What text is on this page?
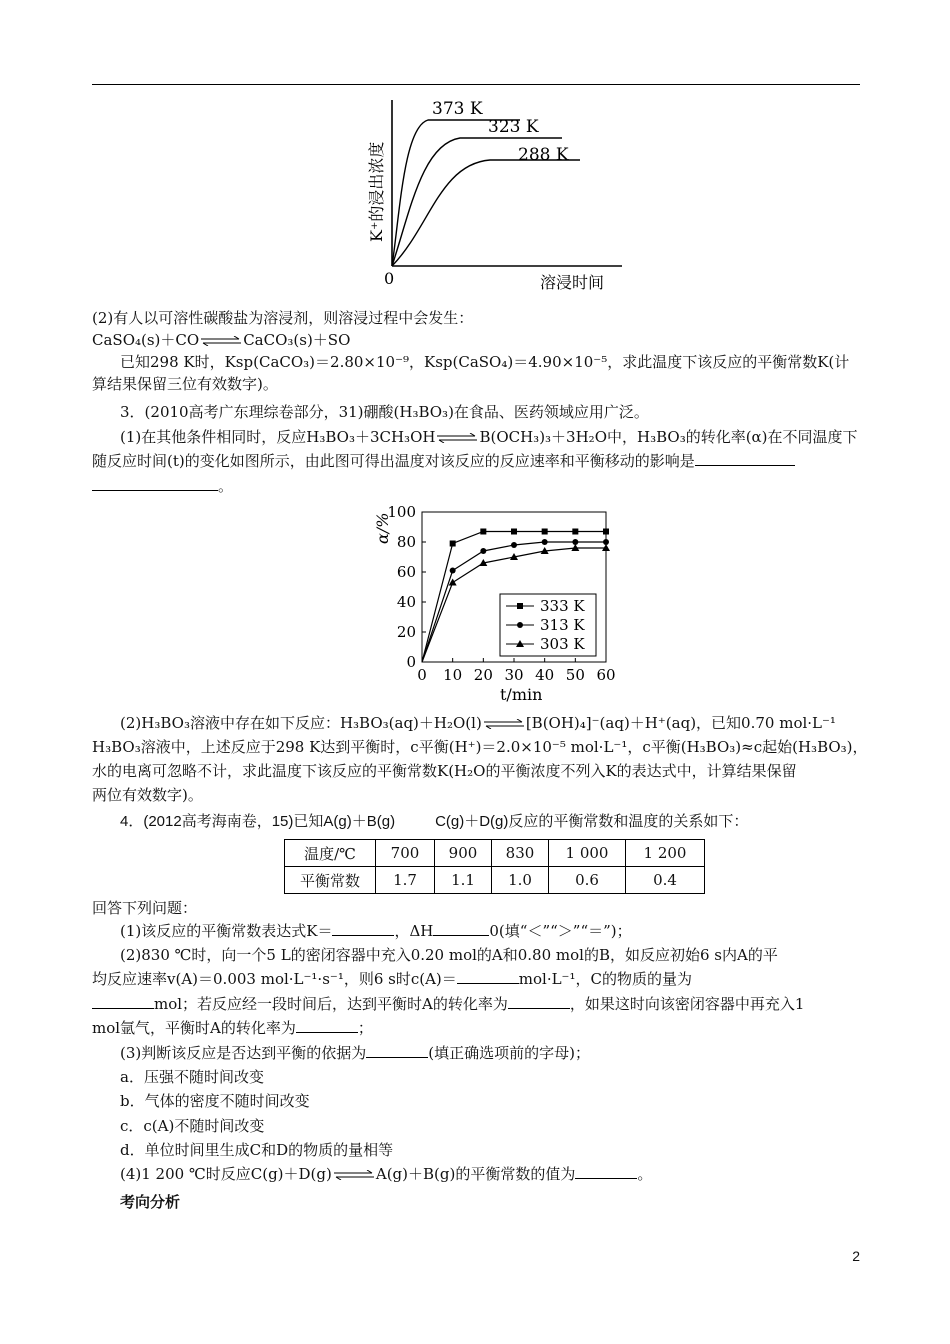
373 K
323 K
288 K
0	溶浸时间
K⁺的浸出浓度
(2)有人以可溶性碳酸盐为溶浸剂，则溶浸过程中会发生：
CaSO₄(s)＋CO ⇌ CaCO₃(s)＋SO
已知298 K时，Ksp(CaCO₃)＝2.80×10⁻⁹，Ksp(CaSO₄)＝4.90×10⁻⁵，求此温度下该反应的平衡常数K(计
算结果保留三位有效数字)。
3．(2010高考广东理综卷部分，31)硼酸(H₃BO₃)在食品、医药领域应用广泛。
(1)在其他条件相同时，反应H₃BO₃＋3CH₃OH ⇌ B(OCH₃)₃＋3H₂O中，H₃BO₃的转化率(α)在不同温度下
随反应时间(t)的变化如图所示，由此图可得出温度对该反应的反应速率和平衡移动的影响是
。
0 10 20 30 40 50 60
0
20
40
60
80
100
333 K
313 K
303 K
α/%
t/min
(2)H₃BO₃溶液中存在如下反应：H₃BO₃(aq)＋H₂O(l) ⇌ [B(OH)₄]⁻(aq)＋H⁺(aq)，已知0.70 mol·L⁻¹
H₃BO₃溶液中，上述反应于298 K达到平衡时，c平衡(H⁺)＝2.0×10⁻⁵ mol·L⁻¹，c平衡(H₃BO₃)≈c起始(H₃BO₃)，
水的电离可忽略不计，求此温度下该反应的平衡常数K(H₂O的平衡浓度不列入K的表达式中，计算结果保留
两位有效数字)。
4．(2012高考海南卷，15)已知A(g)＋B(g)	C(g)＋D(g)反应的平衡常数和温度的关系如下：
温度/℃	700	900	830	1 000	1 200
平衡常数	1.7	1.1	1.0	0.6	0.4
回答下列问题：
(1)该反应的平衡常数表达式K＝	，ΔH	0(填“＜”“＞”“＝”)；
(2)830 ℃时，向一个5 L的密闭容器中充入0.20 mol的A和0.80 mol的B，如反应初始6 s内A的平
均反应速率v(A)＝0.003 mol·L⁻¹·s⁻¹，则6 s时c(A)＝	mol·L⁻¹，C的物质的量为
mol；若反应经一段时间后，达到平衡时A的转化率为	，如果这时向该密闭容器中再充入1
mol氩气，平衡时A的转化率为	；
(3)判断该反应是否达到平衡的依据为	(填正确选项前的字母)；
a．压强不随时间改变
b．气体的密度不随时间改变
c．c(A)不随时间改变
d．单位时间里生成C和D的物质的量相等
(4)1 200 ℃时反应C(g)＋D(g) ⇌ A(g)＋B(g)的平衡常数的值为	。
考向分析
2
